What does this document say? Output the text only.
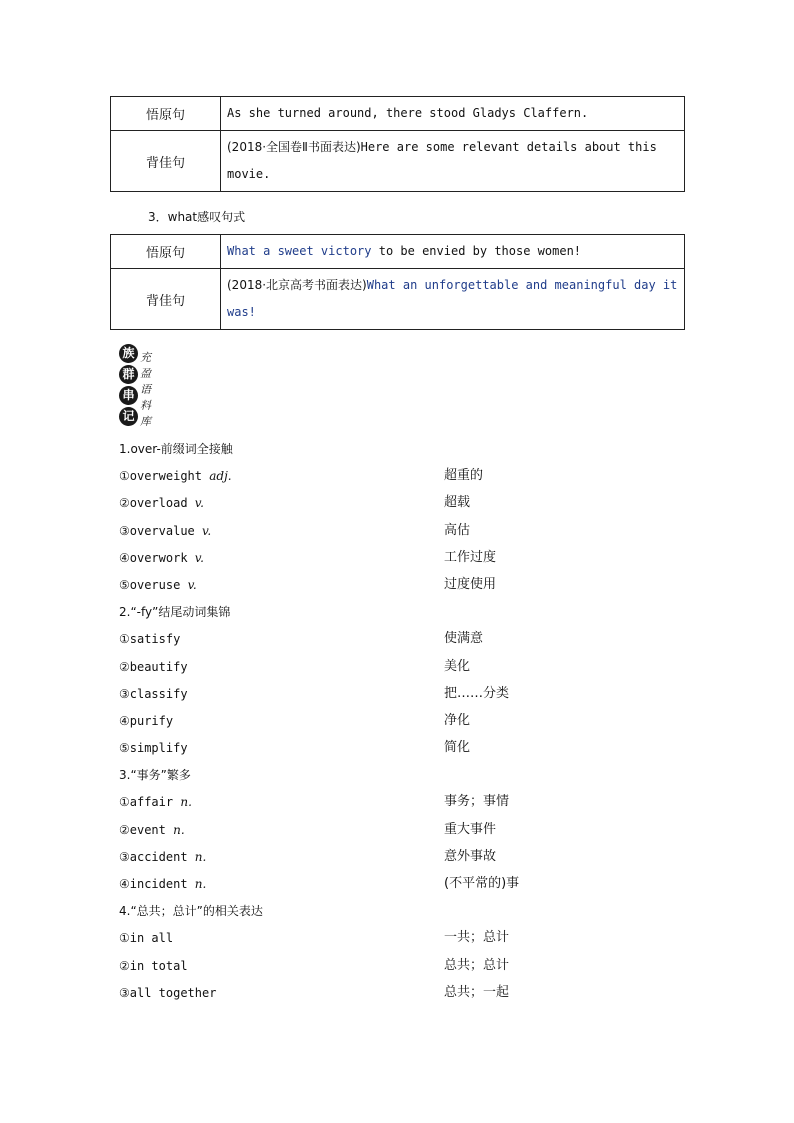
悟原句	As she turned around, there stood Gladys Claffern.
背佳句	(2018·全国卷Ⅱ书面表达)Here are some relevant details about this movie.
3．what感叹句式
悟原句	What a sweet victory to be envied by those women!
背佳句	(2018·北京高考书面表达)What an unforgettable and meaningful day it was!
族
群
串
记
充
盈
语
料
库
1.over-前缀词全接触
①overweight adj.	超重的
②overload v.	超载
③overvalue v.	高估
④overwork v.	工作过度
⑤overuse v.	过度使用
2.“-fy”结尾动词集锦
①satisfy	使满意
②beautify	美化
③classify	把……分类
④purify	净化
⑤simplify	简化
3.“事务”繁多
①affair n.	事务；事情
②event n.	重大事件
③accident n.	意外事故
④incident n.	(不平常的)事
4.“总共；总计”的相关表达
①in all	一共；总计
②in total	总共；总计
③all together	总共；一起
